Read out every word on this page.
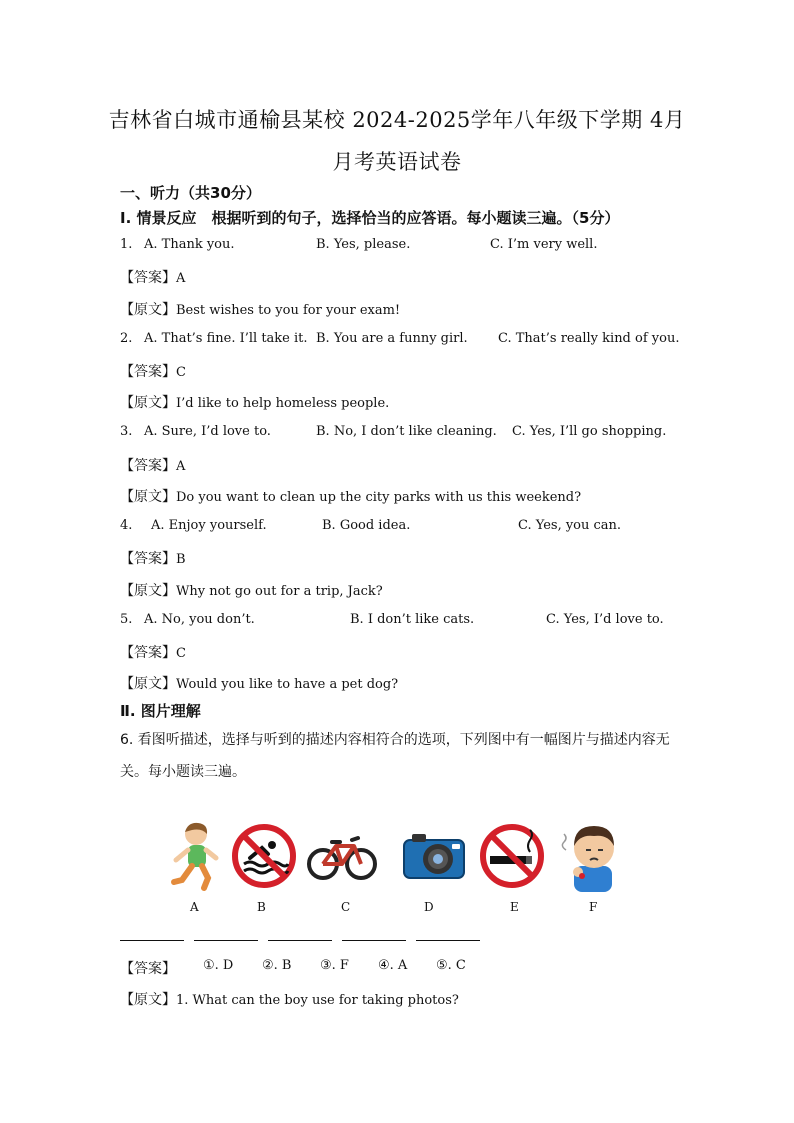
吉林省白城市通榆县某校 2024-2025学年八年级下学期 4月
月考英语试卷
一、听力（共30分）
Ⅰ. 情景反应　根据听到的句子，选择恰当的应答语。每小题读三遍。（5分）
1. A. Thank you.	B. Yes, please.	C. I’m very well.
【答案】A
【原文】Best wishes to you for your exam!
2. A. That’s fine. I’ll take it. B. You are a funny girl. C. That’s really kind of you.
【答案】C
【原文】I’d like to help homeless people.
3. A. Sure, I’d love to.	B. No, I don’t like cleaning. C. Yes, I’ll go shopping.
【答案】A
【原文】Do you want to clean up the city parks with us this weekend?
4. A. Enjoy yourself.	B. Good idea.	C. Yes, you can.
【答案】B
【原文】Why not go out for a trip, Jack?
5. A. No, you don’t.	B. I don’t like cats.	C. Yes, I’d love to.
【答案】C
【原文】Would you like to have a pet dog?
Ⅱ. 图片理解
6. 看图听描述，选择与听到的描述内容相符合的选项，下列图中有一幅图片与描述内容无
关。每小题读三遍。
A	B	C	D	E	F
【答案】 ①. D ②. B ③. F ④. A ⑤. C
【原文】1. What can the boy use for taking photos?
